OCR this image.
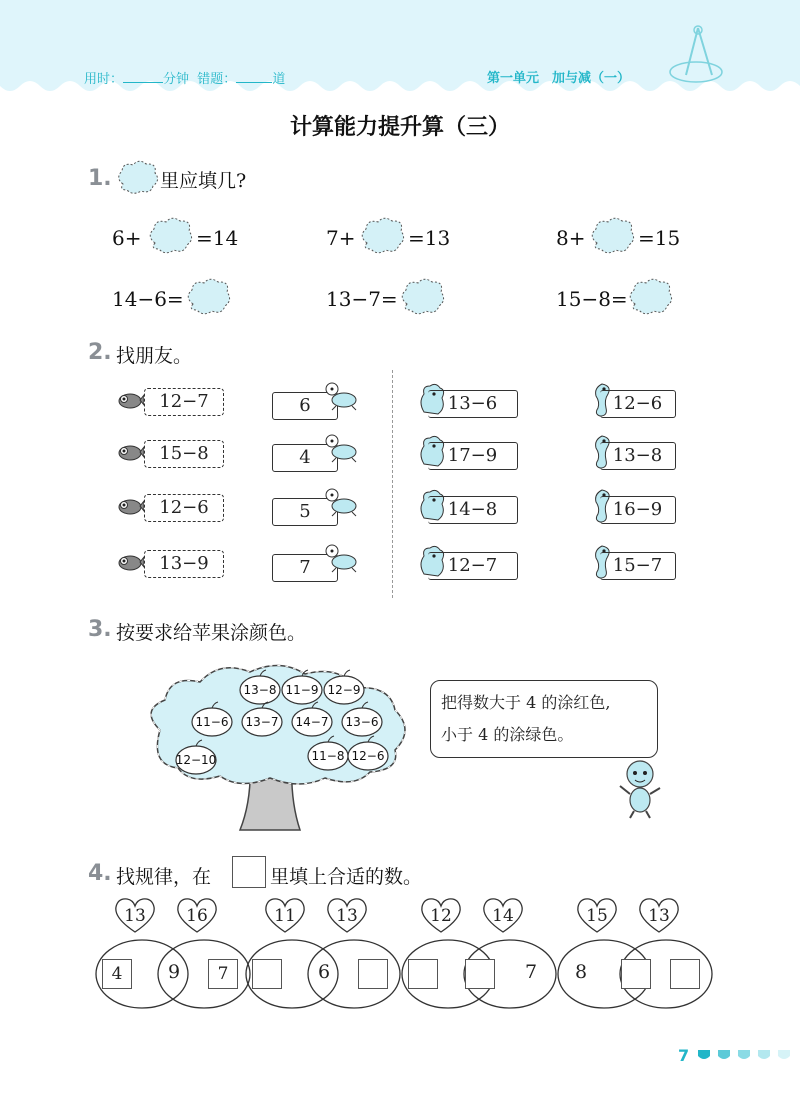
用时：	分钟 错题：	道	第一单元　加与减（一）
计算能力提升算（三）
1.	里应填几?
6+	=14	7+	=13	8+	=15
14−6=	13−7=	15−8=
2. 找朋友。
12−7	6
15−8	4
12−6	5
13−9	7
13−6	12−6
17−9	13−8
14−8	16−9
12−7	15−7
3. 按要求给苹果涂颜色。
13−8 11−9 12−9
11−6 13−7 14−7 13−6
12−10	11−8 12−6
把得数大于 4 的涂红色,
小于 4 的涂绿色。
4. 找规律，在	里填上合适的数。
13	16
4	9	7
11	13
6
12	14
7
15	13
8
7
